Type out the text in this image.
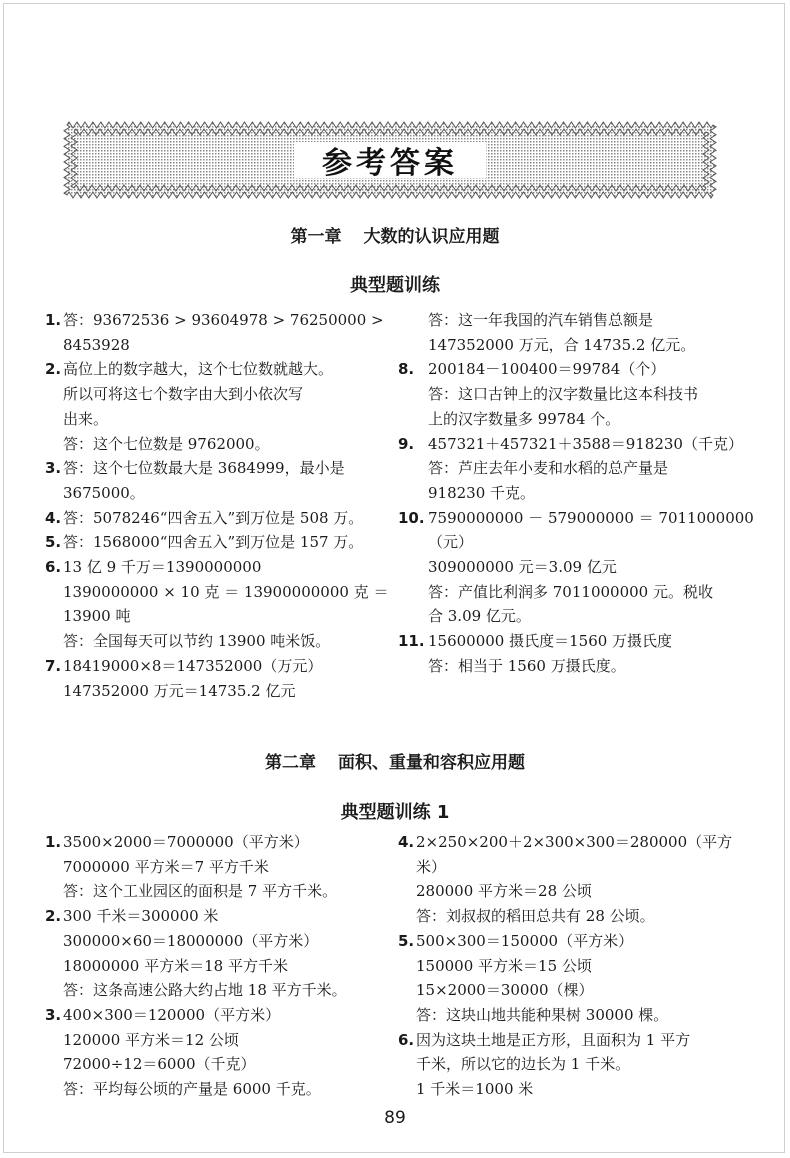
参考答案
第一章 大数的认识应用题
典型题训练
1. 答：93672536 > 93604978 > 76250000 >
8453928
2. 高位上的数字越大，这个七位数就越大。
所以可将这七个数字由大到小依次写
出来。
答：这个七位数是 9762000。
3. 答：这个七位数最大是 3684999，最小是
3675000。
4. 答：5078246“四舍五入”到万位是 508 万。
5. 答：1568000“四舍五入”到万位是 157 万。
6. 13 亿 9 千万＝1390000000
1390000000 × 10 克 ＝ 13900000000 克 ＝
13900 吨
答：全国每天可以节约 13900 吨米饭。
7. 18419000×8＝147352000（万元）
147352000 万元＝14735.2 亿元
答：这一年我国的汽车销售总额是
147352000 万元，合 14735.2 亿元。
8. 200184－100400＝99784（个）
答：这口古钟上的汉字数量比这本科技书
上的汉字数量多 99784 个。
9. 457321＋457321＋3588＝918230（千克）
答：芦庄去年小麦和水稻的总产量是
918230 千克。
10. 7590000000 － 579000000 ＝ 7011000000
（元）
309000000 元＝3.09 亿元
答：产值比利润多 7011000000 元。税收
合 3.09 亿元。
11. 15600000 摄氏度＝1560 万摄氏度
答：相当于 1560 万摄氏度。
第二章 面积、重量和容积应用题
典型题训练 1
1. 3500×2000＝7000000（平方米）
7000000 平方米＝7 平方千米
答：这个工业园区的面积是 7 平方千米。
2. 300 千米＝300000 米
300000×60＝18000000（平方米）
18000000 平方米＝18 平方千米
答：这条高速公路大约占地 18 平方千米。
3. 400×300＝120000（平方米）
120000 平方米＝12 公顷
72000÷12＝6000（千克）
答：平均每公顷的产量是 6000 千克。
4. 2×250×200＋2×300×300＝280000（平方
米）
280000 平方米＝28 公顷
答：刘叔叔的稻田总共有 28 公顷。
5. 500×300＝150000（平方米）
150000 平方米＝15 公顷
15×2000＝30000（棵）
答：这块山地共能种果树 30000 棵。
6. 因为这块土地是正方形，且面积为 1 平方
千米，所以它的边长为 1 千米。
1 千米＝1000 米
89
